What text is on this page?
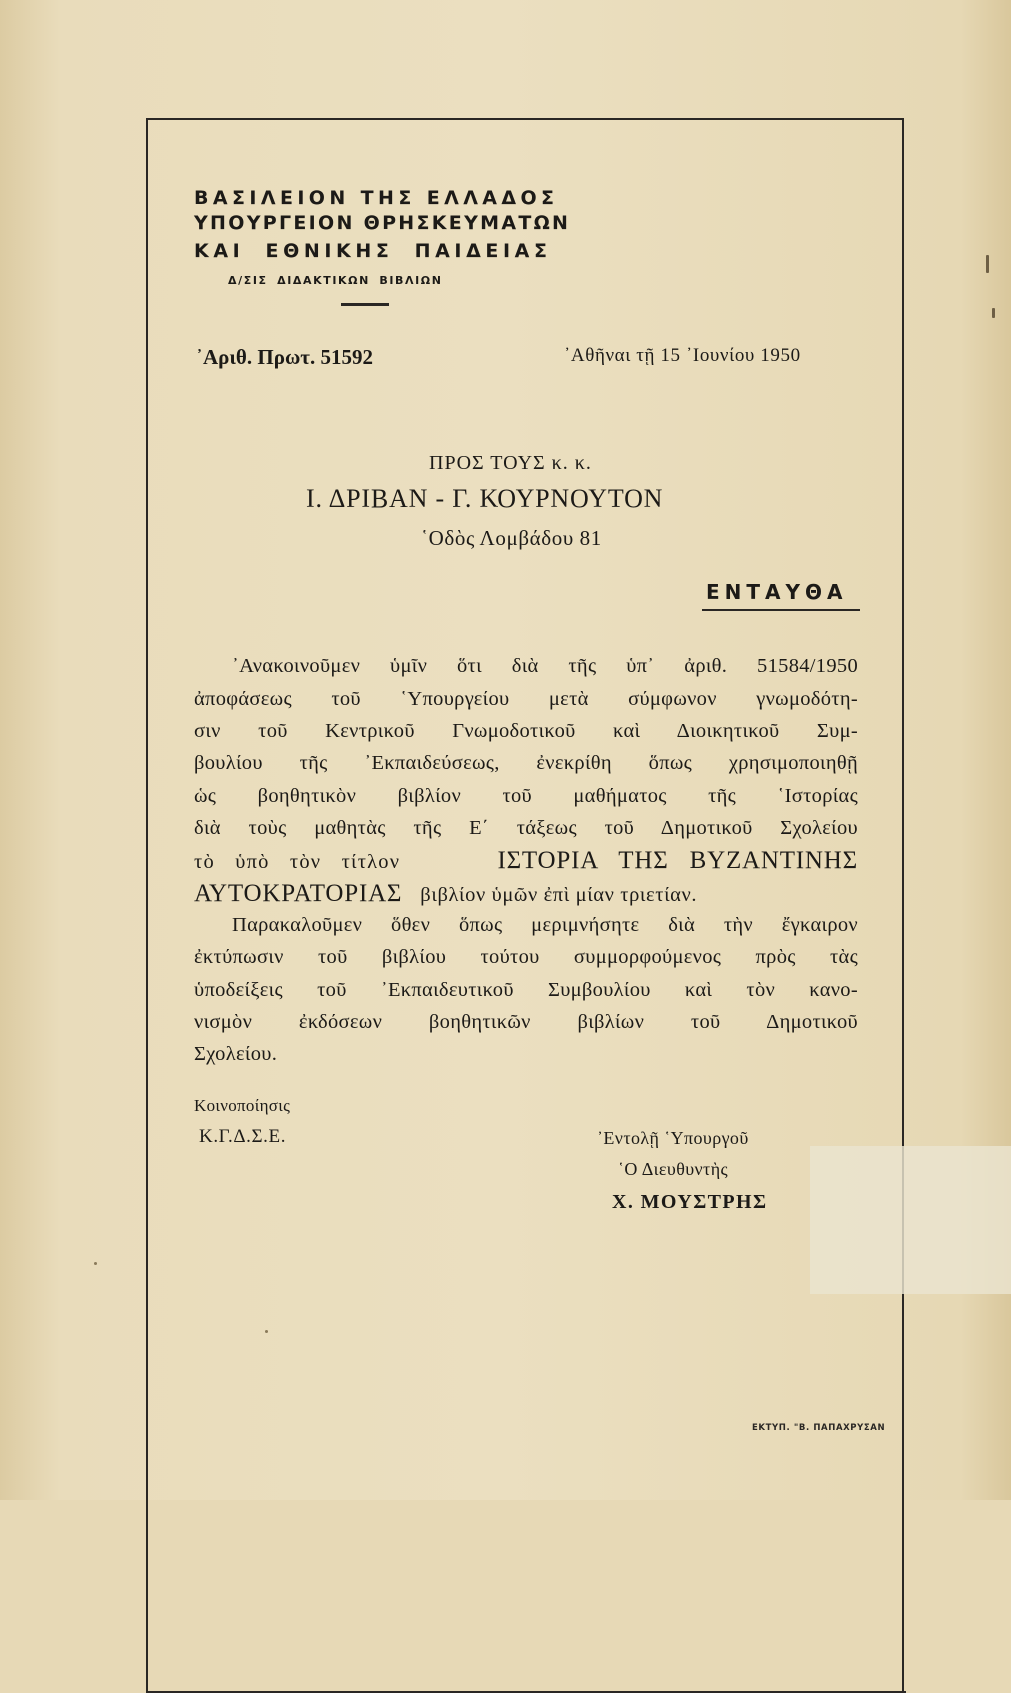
ΒΑΣΙΛΕΙΟΝ ΤΗΣ ΕΛΛΑΔΟΣ
ΥΠΟΥΡΓΕΙΟΝ ΘΡΗΣΚΕΥΜΑΤΩΝ
ΚΑΙ ΕΘΝΙΚΗΣ ΠΑΙΔΕΙΑΣ
Δ/ΣΙΣ ΔΙΔΑΚΤΙΚΩΝ ΒΙΒΛΙΩΝ
᾿Αριθ. Πρωτ. 51592	᾿Αθῆναι τῇ 15 ᾿Ιουνίου 1950
ΠΡΟΣ ΤΟΥΣ κ. κ.
Ι. ΔΡΙΒΑΝ - Γ. ΚΟΥΡΝΟΥΤΟΝ
῾Οδὸς Λομβάδου 81
ΕΝΤΑΥΘΑ
᾿Ανακοινοῦμεν ὑμῖν ὅτι διὰ τῆς ὑπ᾿ ἀριθ. 51584/1950
ἀποφάσεως τοῦ ῾Υπουργείου μετὰ σύμφωνον γνωμοδότη-
σιν τοῦ Κεντρικοῦ Γνωμοδοτικοῦ καὶ Διοικητικοῦ Συμ-
βουλίου τῆς ᾿Εκπαιδεύσεως, ἐνεκρίθη ὅπως χρησιμοποιηθῇ
ὡς βοηθητικὸν βιβλίον τοῦ μαθήματος τῆς ῾Ιστορίας
διὰ τοὺς μαθητὰς τῆς Ε΄ τάξεως τοῦ Δημοτικοῦ Σχολείου
τὸ ὑπὸ τὸν τίτλον	ΙΣΤΟΡΙΑ ΤΗΣ ΒΥΖΑΝΤΙΝΗΣ
ΑΥΤΟΚΡΑΤΟΡΙΑΣ βιβλίον ὑμῶν ἐπὶ μίαν τριετίαν.
Παρακαλοῦμεν ὅθεν ὅπως μεριμνήσητε διὰ τὴν ἔγκαιρον
ἐκτύπωσιν τοῦ βιβλίου τούτου συμμορφούμενος πρὸς τὰς
ὑποδείξεις τοῦ ᾿Εκπαιδευτικοῦ Συμβουλίου καὶ τὸν κανο-
νισμὸν ἐκδόσεων βοηθητικῶν βιβλίων τοῦ Δημοτικοῦ
Σχολείου.
Κοινοποίησις
Κ.Γ.Δ.Σ.Ε.	᾿Εντολῇ ῾Υπουργοῦ
῾Ο Διευθυντὴς
Χ. ΜΟΥΣΤΡΗΣ
ΕΚΤΥΠ. "Β. ΠΑΠΑΧΡΥΣΑΝ
